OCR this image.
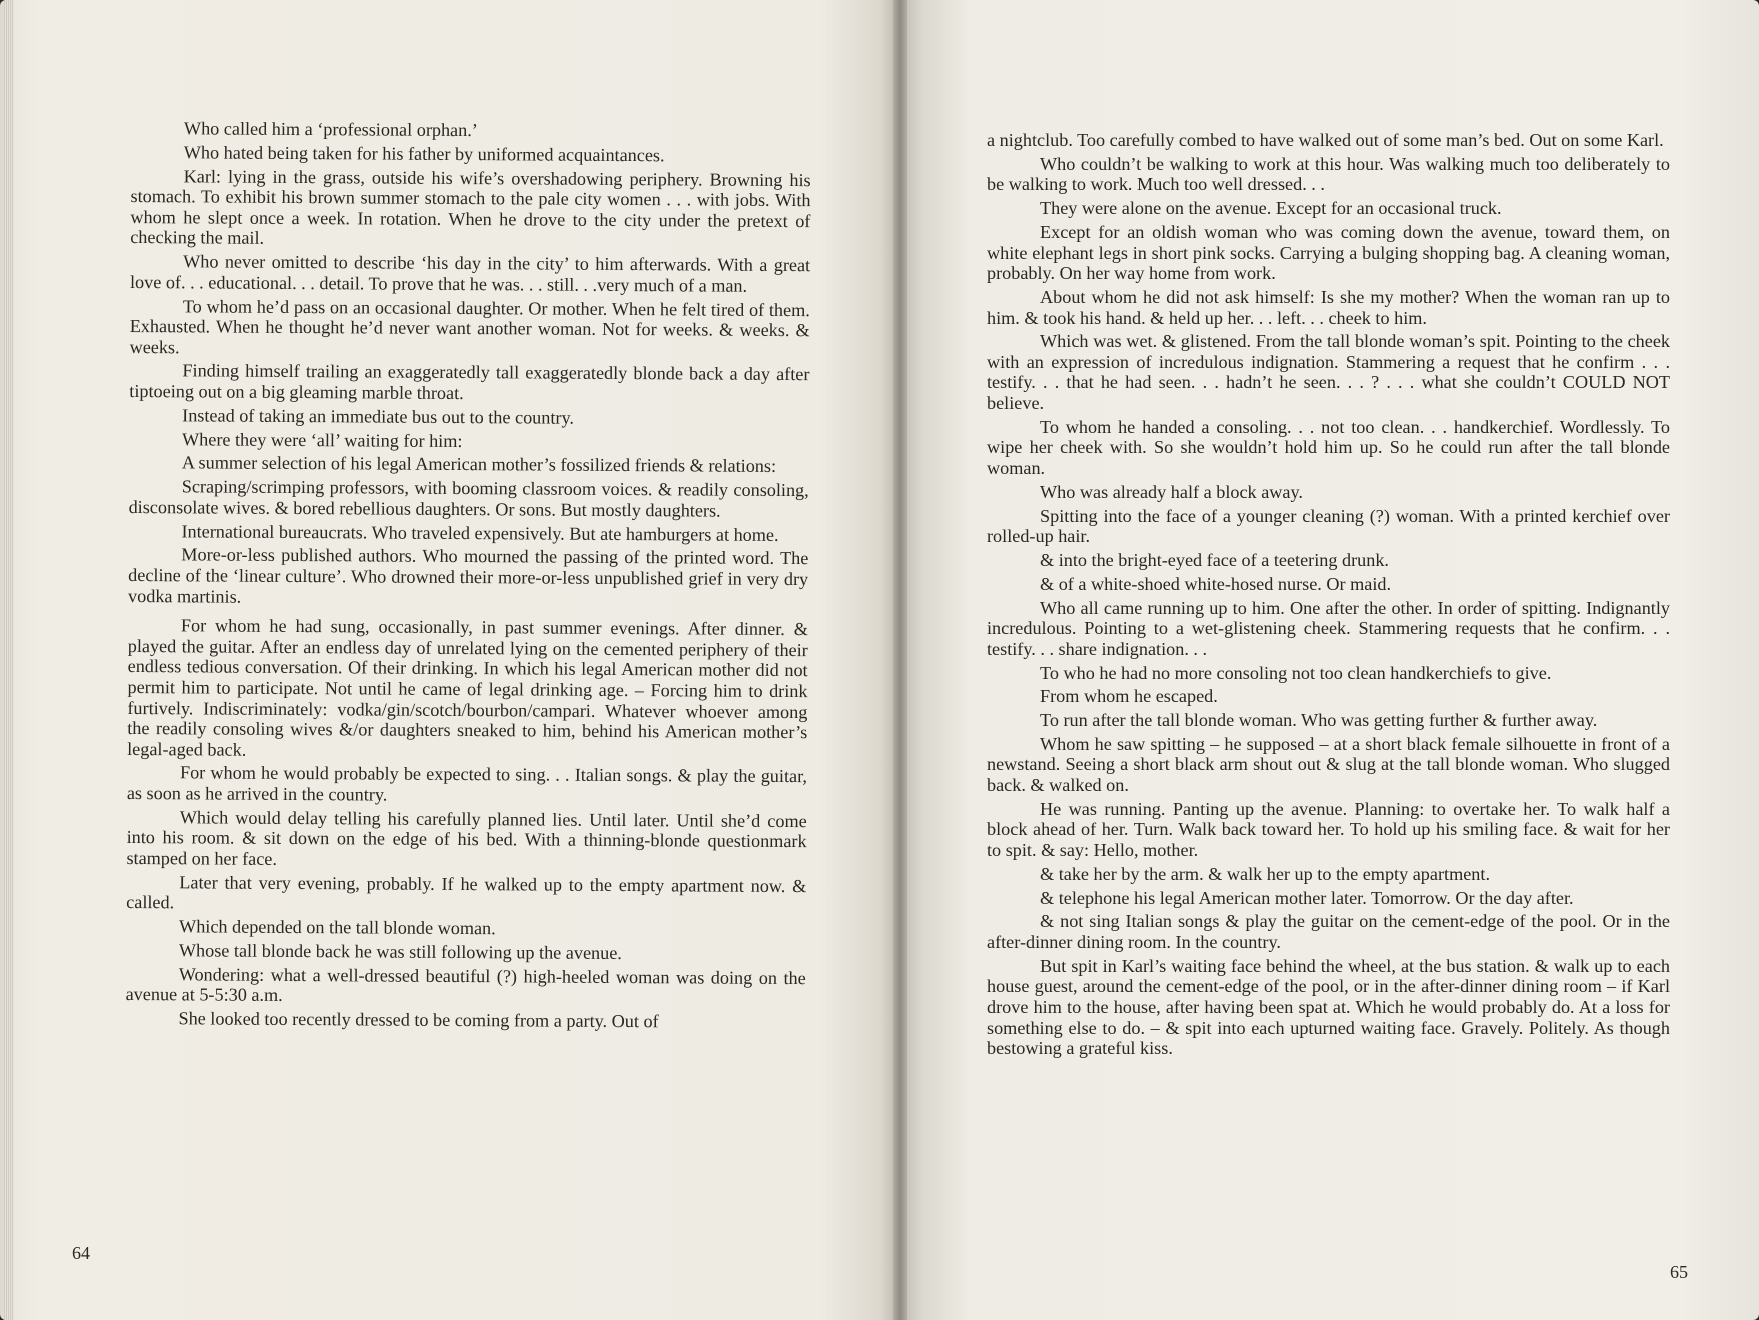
Who called him a ‘professional orphan.’

Who hated being taken for his father by uniformed acquaintances.

Karl: lying in the grass, outside his wife’s overshadowing periphery. Browning his stomach. To exhibit his brown summer stomach to the pale city women . . . with jobs. With whom he slept once a week. In rotation. When he drove to the city under the pretext of checking the mail.

Who never omitted to describe ‘his day in the city’ to him afterwards. With a great love of. . . educational. . . detail. To prove that he was. . . still. . .very much of a man.

To whom he’d pass on an occasional daughter. Or mother. When he felt tired of them. Exhausted. When he thought he’d never want another woman. Not for weeks. & weeks. & weeks.

Finding himself trailing an exaggeratedly tall exaggeratedly blonde back a day after tiptoeing out on a big gleaming marble throat.

Instead of taking an immediate bus out to the country.

Where they were ‘all’ waiting for him:

A summer selection of his legal American mother’s fossilized friends & relations:

Scraping/scrimping professors, with booming classroom voices. & readily consoling, disconsolate wives. & bored rebellious daughters. Or sons. But mostly daughters.

International bureaucrats. Who traveled expensively. But ate hamburgers at home.

More-or-less published authors. Who mourned the passing of the printed word. The decline of the ‘linear culture’. Who drowned their more-or-less unpublished grief in very dry vodka martinis.

For whom he had sung, occasionally, in past summer evenings. After dinner. & played the guitar. After an endless day of unrelated lying on the cemented periphery of their endless tedious conversation. Of their drinking. In which his legal American mother did not permit him to participate. Not until he came of legal drinking age. – Forcing him to drink furtively. Indiscriminately: vodka/gin/scotch/bourbon/campari. Whatever whoever among the readily consoling wives &/or daughters sneaked to him, behind his American mother’s legal-aged back.

For whom he would probably be expected to sing. . . Italian songs. & play the guitar, as soon as he arrived in the country.

Which would delay telling his carefully planned lies. Until later. Until she’d come into his room. & sit down on the edge of his bed. With a thinning-blonde questionmark stamped on her face.

Later that very evening, probably. If he walked up to the empty apartment now. & called.

Which depended on the tall blonde woman.

Whose tall blonde back he was still following up the avenue.

Wondering: what a well-dressed beautiful (?) high-heeled woman was doing on the avenue at 5-5:30 a.m.

She looked too recently dressed to be coming from a party. Out of

64

a nightclub. Too carefully combed to have walked out of some man’s bed. Out on some Karl.

Who couldn’t be walking to work at this hour. Was walking much too deliberately to be walking to work. Much too well dressed. . .

They were alone on the avenue. Except for an occasional truck.

Except for an oldish woman who was coming down the avenue, toward them, on white elephant legs in short pink socks. Carrying a bulging shopping bag. A cleaning woman, probably. On her way home from work.

About whom he did not ask himself: Is she my mother? When the woman ran up to him. & took his hand. & held up her. . . left. . . cheek to him.

Which was wet. & glistened. From the tall blonde woman’s spit. Pointing to the cheek with an expression of incredulous indignation. Stammering a request that he confirm . . . testify. . . that he had seen. . . hadn’t he seen. . . ? . . . what she couldn’t COULD NOT believe.

To whom he handed a consoling. . . not too clean. . . handkerchief. Wordlessly. To wipe her cheek with. So she wouldn’t hold him up. So he could run after the tall blonde woman.

Who was already half a block away.

Spitting into the face of a younger cleaning (?) woman. With a printed kerchief over rolled-up hair.

& into the bright-eyed face of a teetering drunk.

& of a white-shoed white-hosed nurse. Or maid.

Who all came running up to him. One after the other. In order of spitting. Indignantly incredulous. Pointing to a wet-glistening cheek. Stammering requests that he confirm. . . testify. . . share indignation. . .

To who he had no more consoling not too clean handkerchiefs to give.

From whom he escaped.

To run after the tall blonde woman. Who was getting further & further away.

Whom he saw spitting – he supposed – at a short black female silhouette in front of a newstand. Seeing a short black arm shout out & slug at the tall blonde woman. Who slugged back. & walked on.

He was running. Panting up the avenue. Planning: to overtake her. To walk half a block ahead of her. Turn. Walk back toward her. To hold up his smiling face. & wait for her to spit. & say: Hello, mother.

& take her by the arm. & walk her up to the empty apartment.

& telephone his legal American mother later. Tomorrow. Or the day after.

& not sing Italian songs & play the guitar on the cement-edge of the pool. Or in the after-dinner dining room. In the country.

But spit in Karl’s waiting face behind the wheel, at the bus station. & walk up to each house guest, around the cement-edge of the pool, or in the after-dinner dining room – if Karl drove him to the house, after having been spat at. Which he would probably do. At a loss for something else to do. – & spit into each upturned waiting face. Gravely. Politely. As though bestowing a grateful kiss.

65
